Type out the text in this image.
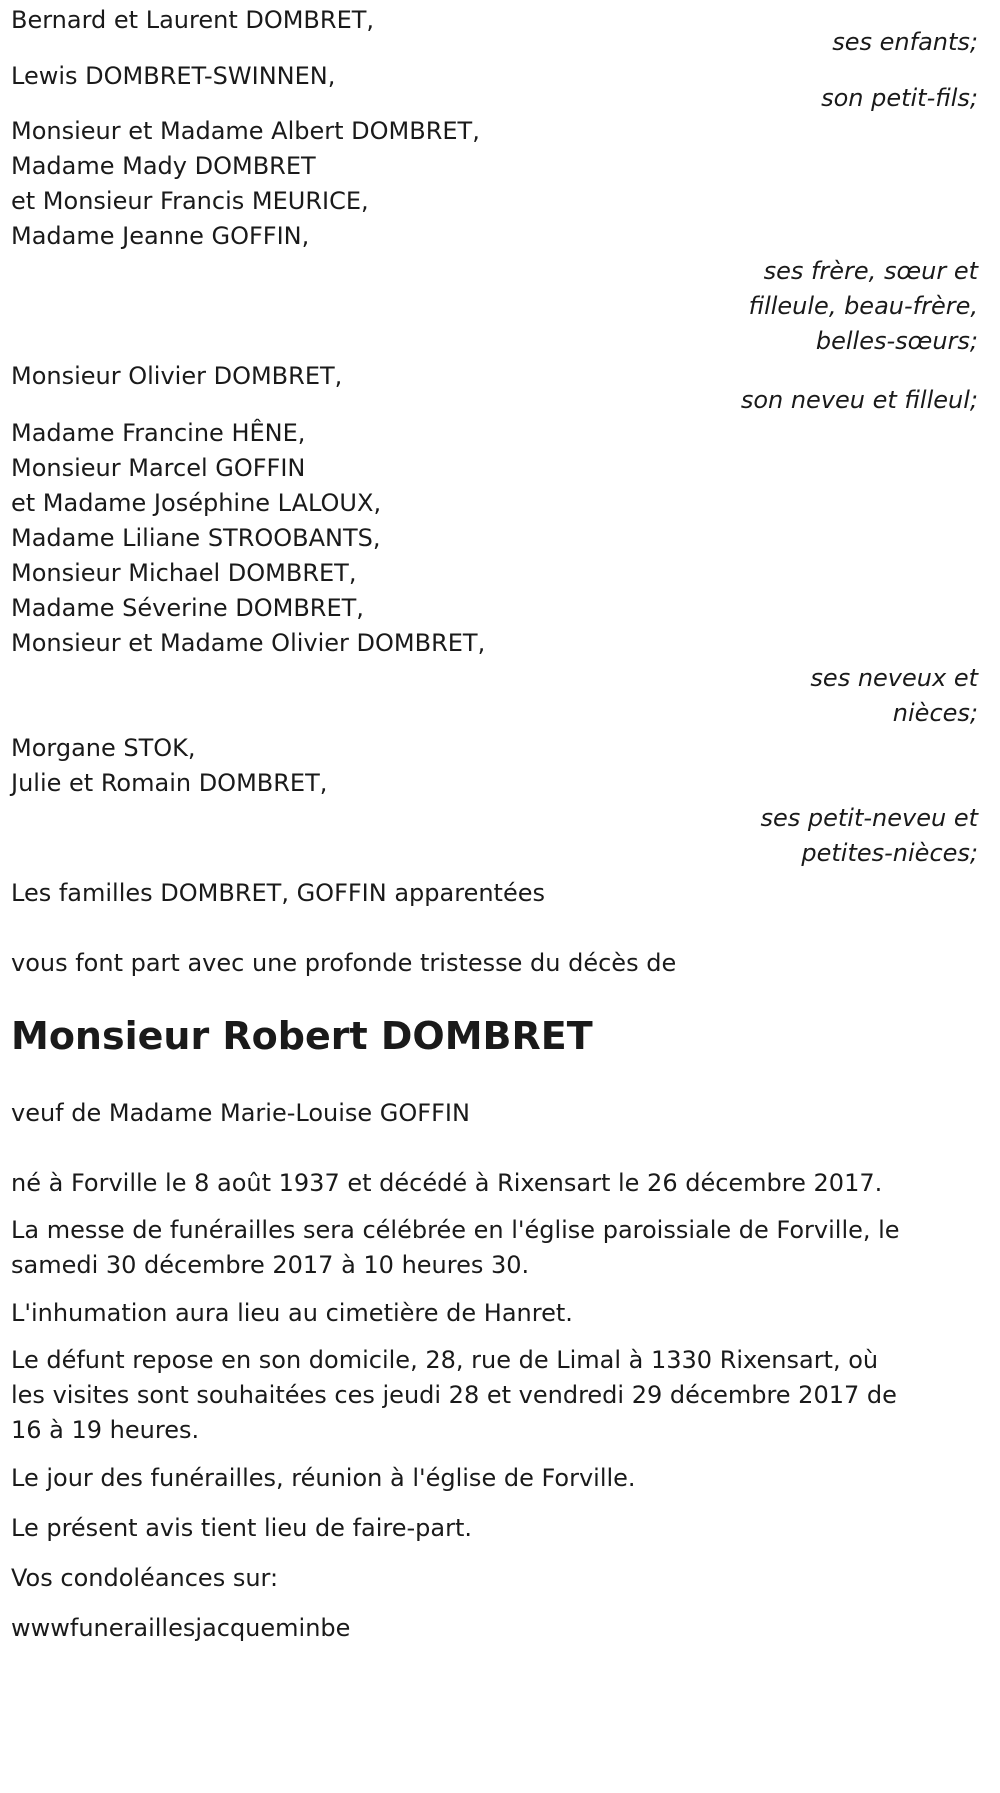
Bernard et Laurent DOMBRET,
ses enfants;
Lewis DOMBRET-SWINNEN,
son petit-fils;
Monsieur et Madame Albert DOMBRET,
Madame Mady DOMBRET
et Monsieur Francis MEURICE,
Madame Jeanne GOFFIN,
ses frère, sœur et
filleule, beau-frère,
belles-sœurs;
Monsieur Olivier DOMBRET,
son neveu et filleul;
Madame Francine HÊNE,
Monsieur Marcel GOFFIN
et Madame Joséphine LALOUX,
Madame Liliane STROOBANTS,
Monsieur Michael DOMBRET,
Madame Séverine DOMBRET,
Monsieur et Madame Olivier DOMBRET,
ses neveux et
nièces;
Morgane STOK,
Julie et Romain DOMBRET,
ses petit-neveu et
petites-nièces;
Les familles DOMBRET, GOFFIN apparentées
vous font part avec une profonde tristesse du décès de
Monsieur Robert DOMBRET
veuf de Madame Marie-Louise GOFFIN
né à Forville le 8 août 1937 et décédé à Rixensart le 26 décembre 2017.
La messe de funérailles sera célébrée en l'église paroissiale de Forville, le
samedi 30 décembre 2017 à 10 heures 30.
L'inhumation aura lieu au cimetière de Hanret.
Le défunt repose en son domicile, 28, rue de Limal à 1330 Rixensart, où
les visites sont souhaitées ces jeudi 28 et vendredi 29 décembre 2017 de
16 à 19 heures.
Le jour des funérailles, réunion à l'église de Forville.
Le présent avis tient lieu de faire-part.
Vos condoléances sur:
wwwfuneraillesjacqueminbe
